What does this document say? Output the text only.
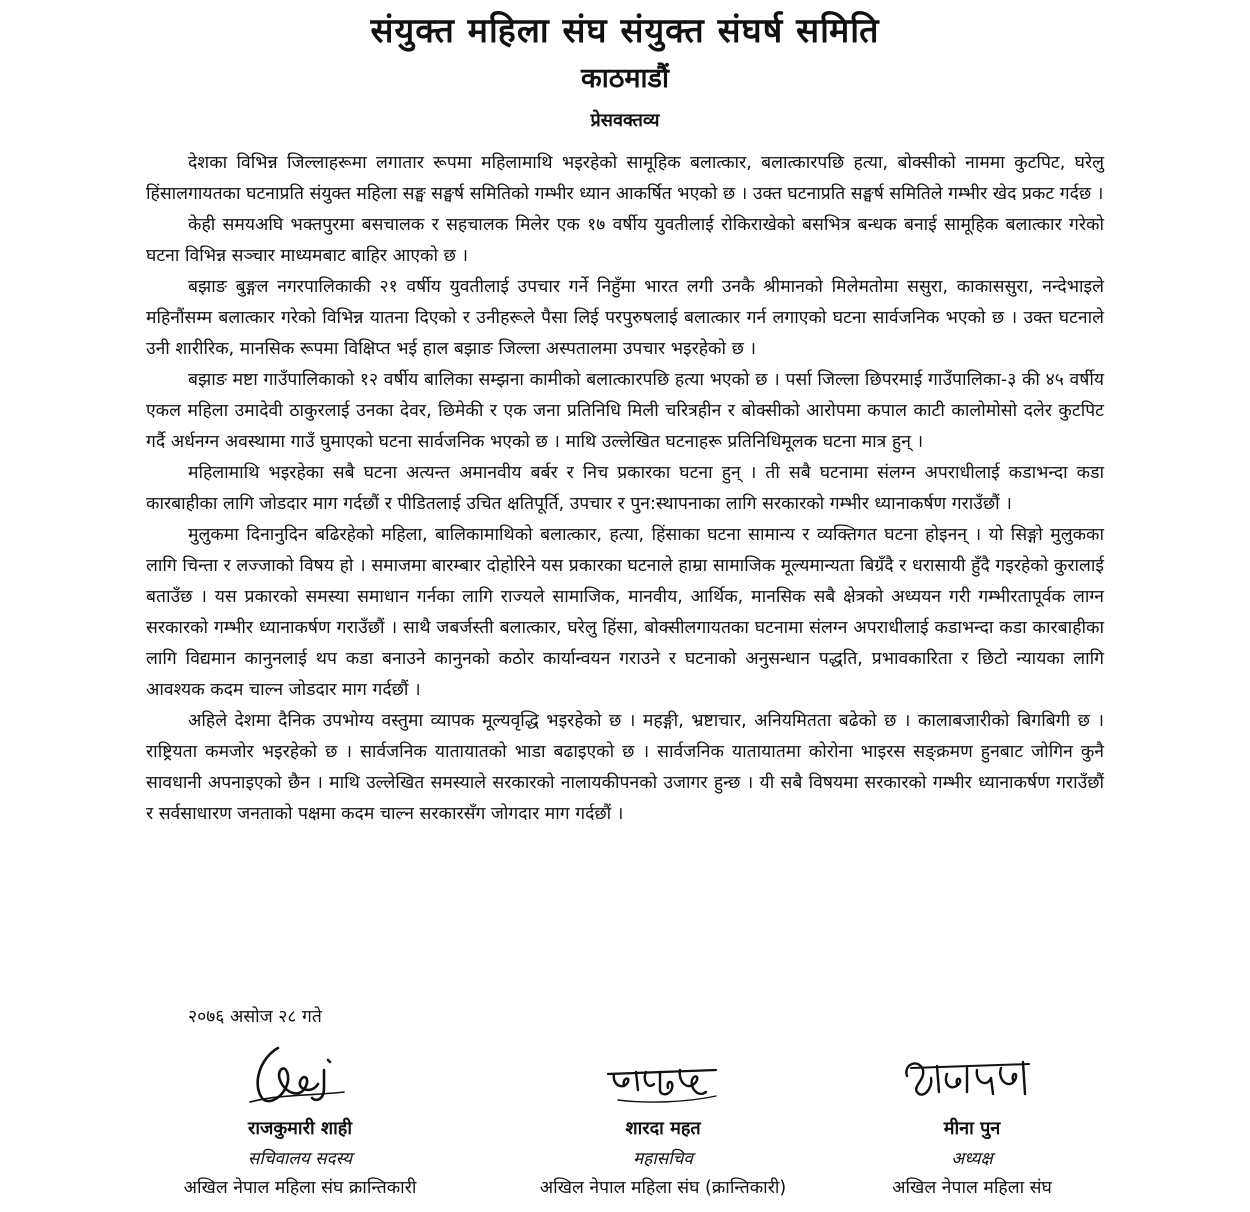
संयुक्त महिला संघ संयुक्त संघर्ष समिति
काठमाडौं
प्रेसवक्तव्य

देशका विभिन्न जिल्लाहरूमा लगातार रूपमा महिलामाथि भइरहेको सामूहिक बलात्कार, बलात्कारपछि हत्या, बोक्सीको नाममा कुटपिट, घरेलु हिंसालगायतका घटनाप्रति संयुक्त महिला सङ्घ सङ्घर्ष समितिको गम्भीर ध्यान आकर्षित भएको छ । उक्त घटनाप्रति सङ्घर्ष समितिले गम्भीर खेद प्रकट गर्दछ ।

केही समयअघि भक्तपुरमा बसचालक र सहचालक मिलेर एक १७ वर्षीय युवतीलाई रोकिराखेको बसभित्र बन्धक बनाई सामूहिक बलात्कार गरेको घटना विभिन्न सञ्चार माध्यमबाट बाहिर आएको छ ।

बझाङ बुङ्गल नगरपालिकाकी २१ वर्षीय युवतीलाई उपचार गर्ने निहुँमा भारत लगी उनकै श्रीमानको मिलेमतोमा ससुरा, काकाससुरा, नन्देभाइले महिनौंसम्म बलात्कार गरेको विभिन्न यातना दिएको र उनीहरूले पैसा लिई परपुरुषलाई बलात्कार गर्न लगाएको घटना सार्वजनिक भएको छ । उक्त घटनाले उनी शारीरिक, मानसिक रूपमा विक्षिप्त भई हाल बझाङ जिल्ला अस्पतालमा उपचार भइरहेको छ ।

बझाङ मष्टा गाउँपालिकाको १२ वर्षीय बालिका सम्झना कामीको बलात्कारपछि हत्या भएको छ । पर्सा जिल्ला छिपरमाई गाउँपालिका-३ की ४५ वर्षीय एकल महिला उमादेवी ठाकुरलाई उनका देवर, छिमेकी र एक जना प्रतिनिधि मिली चरित्रहीन र बोक्सीको आरोपमा कपाल काटी कालोमोसो दलेर कुटपिट गर्दै अर्धनग्न अवस्थामा गाउँ घुमाएको घटना सार्वजनिक भएको छ । माथि उल्लेखित घटनाहरू प्रतिनिधिमूलक घटना मात्र हुन् ।

महिलामाथि भइरहेका सबै घटना अत्यन्त अमानवीय बर्बर र निच प्रकारका घटना हुन् । ती सबै घटनामा संलग्न अपराधीलाई कडाभन्दा कडा कारबाहीका लागि जोडदार माग गर्दछौं र पीडितलाई उचित क्षतिपूर्ति, उपचार र पुन:स्थापनाका लागि सरकारको गम्भीर ध्यानाकर्षण गराउँछौं ।

मुलुकमा दिनानुदिन बढिरहेको महिला, बालिकामाथिको बलात्कार, हत्या, हिंसाका घटना सामान्य र व्यक्तिगत घटना होइनन् । यो सिङ्गो मुलुकका लागि चिन्ता र लज्जाको विषय हो । समाजमा बारम्बार दोहोरिने यस प्रकारका घटनाले हाम्रा सामाजिक मूल्यमान्यता बिग्रँदै र धरासायी हुँदै गइरहेको कुरालाई बताउँछ । यस प्रकारको समस्या समाधान गर्नका लागि राज्यले सामाजिक, मानवीय, आर्थिक, मानसिक सबै क्षेत्रको अध्ययन गरी गम्भीरतापूर्वक लाग्न सरकारको गम्भीर ध्यानाकर्षण गराउँछौं । साथै जबर्जस्ती बलात्कार, घरेलु हिंसा, बोक्सीलगायतका घटनामा संलग्न अपराधीलाई कडाभन्दा कडा कारबाहीका लागि विद्यमान कानुनलाई थप कडा बनाउने कानुनको कठोर कार्यान्वयन गराउने र घटनाको अनुसन्धान पद्धति, प्रभावकारिता र छिटो न्यायका लागि आवश्यक कदम चाल्न जोडदार माग गर्दछौं ।

अहिले देशमा दैनिक उपभोग्य वस्तुमा व्यापक मूल्यवृद्धि भइरहेको छ । महङ्गी, भ्रष्टाचार, अनियमितता बढेको छ । कालाबजारीको बिगबिगी छ । राष्ट्रियता कमजोर भइरहेको छ । सार्वजनिक यातायातको भाडा बढाइएको छ । सार्वजनिक यातायातमा कोरोना भाइरस सङ्क्रमण हुनबाट जोगिन कुनै सावधानी अपनाइएको छैन । माथि उल्लेखित समस्याले सरकारको नालायकीपनको उजागर हुन्छ । यी सबै विषयमा सरकारको गम्भीर ध्यानाकर्षण गराउँछौं र सर्वसाधारण जनताको पक्षमा कदम चाल्न सरकारसँग जोगदार माग गर्दछौं ।

२०७६ असोज २८ गते
राजकुमारी शाही
सचिवालय सदस्य
अखिल नेपाल महिला संघ क्रान्तिकारी
शारदा महत
महासचिव
अखिल नेपाल महिला संघ (क्रान्तिकारी)
मीना पुन
अध्यक्ष
अखिल नेपाल महिला संघ
